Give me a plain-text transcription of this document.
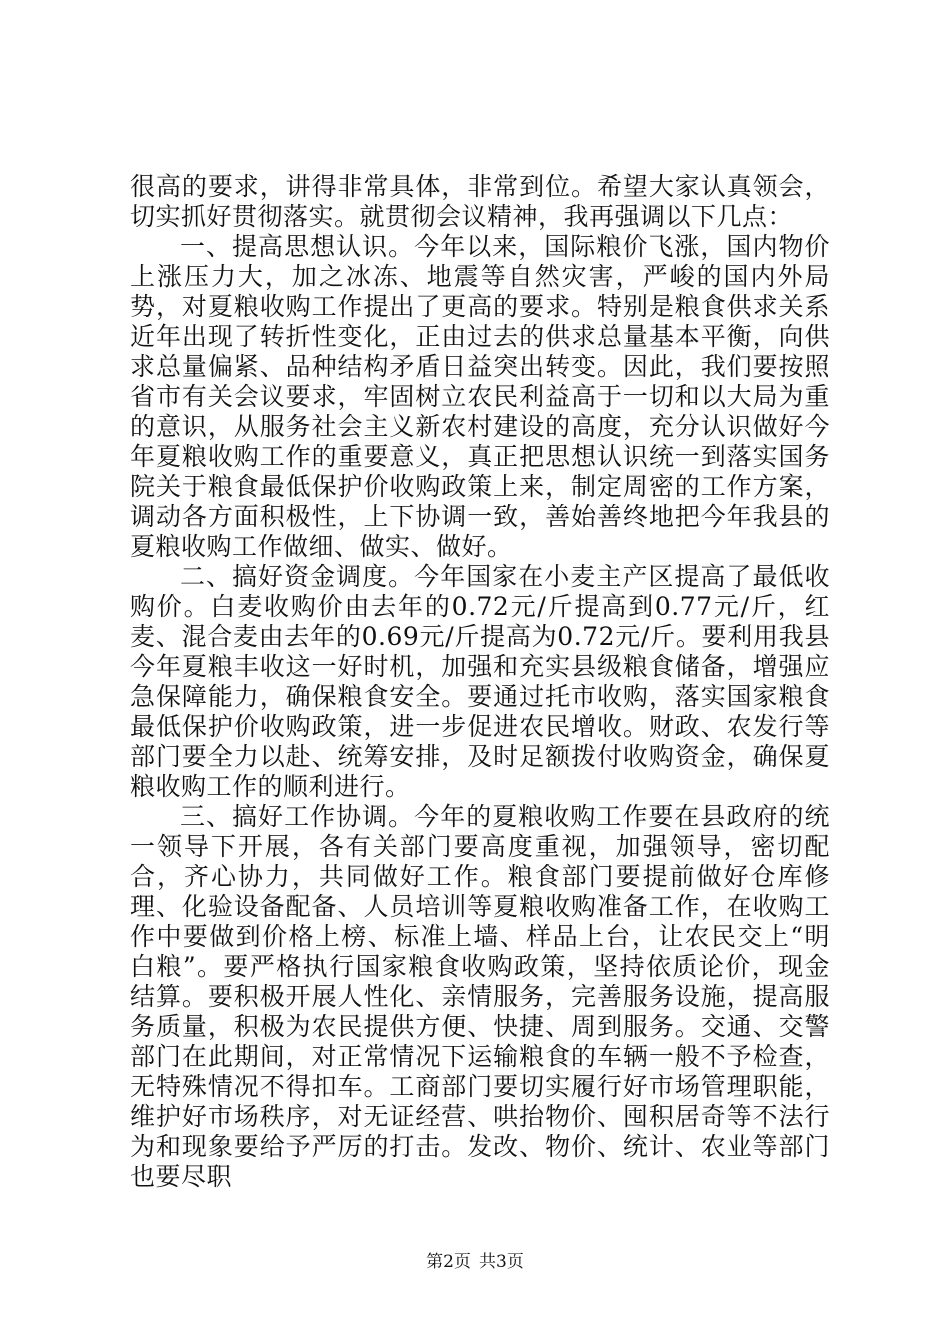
很高的要求，讲得非常具体，非常到位。希望大家认真领会，切实抓好贯彻落实。就贯彻会议精神，我再强调以下几点：

一、提高思想认识。今年以来，国际粮价飞涨，国内物价上涨压力大，加之冰冻、地震等自然灾害，严峻的国内外局势，对夏粮收购工作提出了更高的要求。特别是粮食供求关系近年出现了转折性变化，正由过去的供求总量基本平衡，向供求总量偏紧、品种结构矛盾日益突出转变。因此，我们要按照省市有关会议要求，牢固树立农民利益高于一切和以大局为重的意识，从服务社会主义新农村建设的高度，充分认识做好今年夏粮收购工作的重要意义，真正把思想认识统一到落实国务院关于粮食最低保护价收购政策上来，制定周密的工作方案，调动各方面积极性，上下协调一致，善始善终地把今年我县的夏粮收购工作做细、做实、做好。

二、搞好资金调度。今年国家在小麦主产区提高了最低收购价。白麦收购价由去年的0.72元/斤提高到0.77元/斤，红麦、混合麦由去年的0.69元/斤提高为0.72元/斤。要利用我县今年夏粮丰收这一好时机，加强和充实县级粮食储备，增强应急保障能力，确保粮食安全。要通过托市收购，落实国家粮食最低保护价收购政策，进一步促进农民增收。财政、农发行等部门要全力以赴、统筹安排，及时足额拨付收购资金，确保夏粮收购工作的顺利进行。

三、搞好工作协调。今年的夏粮收购工作要在县政府的统一领导下开展，各有关部门要高度重视，加强领导，密切配合，齐心协力，共同做好工作。粮食部门要提前做好仓库修理、化验设备配备、人员培训等夏粮收购准备工作，在收购工作中要做到价格上榜、标准上墙、样品上台，让农民交上“明白粮”。要严格执行国家粮食收购政策，坚持依质论价，现金结算。要积极开展人性化、亲情服务，完善服务设施，提高服务质量，积极为农民提供方便、快捷、周到服务。交通、交警部门在此期间，对正常情况下运输粮食的车辆一般不予检查，无特殊情况不得扣车。工商部门要切实履行好市场管理职能，维护好市场秩序，对无证经营、哄抬物价、囤积居奇等不法行为和现象要给予严厉的打击。发改、物价、统计、农业等部门也要尽职

第2页 共3页
